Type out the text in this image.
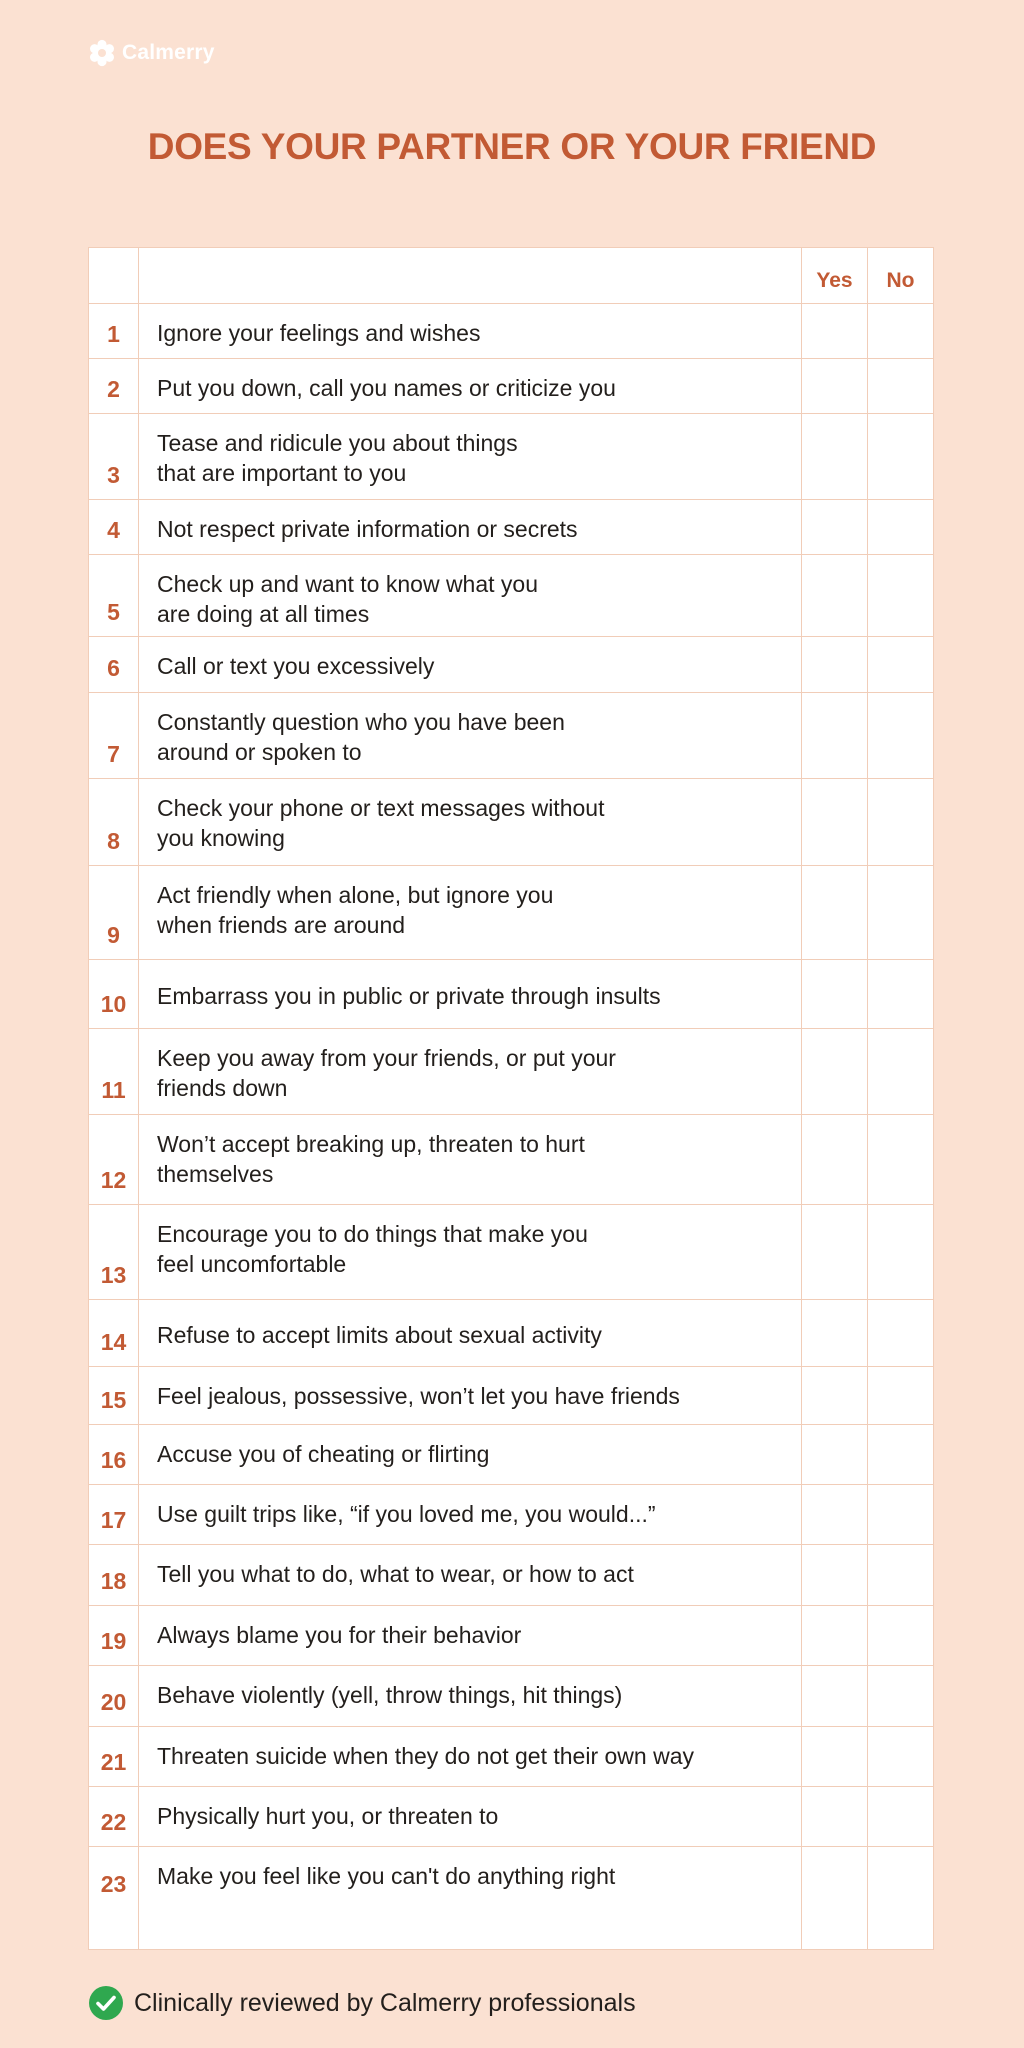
Calmerry
DOES YOUR PARTNER OR YOUR FRIEND
		Yes	No
1	Ignore your feelings and wishes		
2	Put you down, call you names or criticize you		
3	Tease and ridicule you about things
that are important to you		
4	Not respect private information or secrets		
5	Check up and want to know what you
are doing at all times		
6	Call or text you excessively		
7	Constantly question who you have been
around or spoken to		
8	Check your phone or text messages without
you knowing		
9	Act friendly when alone, but ignore you
when friends are around		
10	Embarrass you in public or private through insults		
11	Keep you away from your friends, or put your
friends down		
12	Won’t accept breaking up, threaten to hurt
themselves		
13	Encourage you to do things that make you
feel uncomfortable		
14	Refuse to accept limits about sexual activity		
15	Feel jealous, possessive, won’t let you have friends		
16	Accuse you of cheating or flirting		
17	Use guilt trips like, “if you loved me, you would...”		
18	Tell you what to do, what to wear, or how to act		
19	Always blame you for their behavior		
20	Behave violently (yell, throw things, hit things)		
21	Threaten suicide when they do not get their own way		
22	Physically hurt you, or threaten to		
23	Make you feel like you can't do anything right		
Clinically reviewed by Calmerry professionals
